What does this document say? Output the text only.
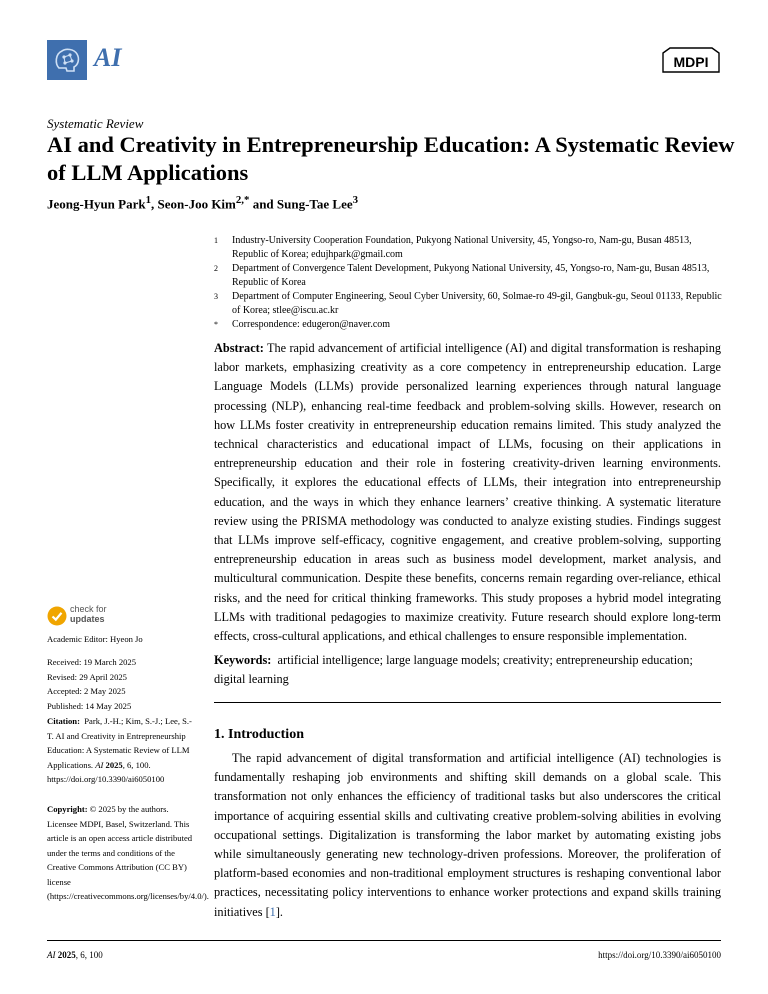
AI	MDPI
Systematic Review
AI and Creativity in Entrepreneurship Education: A Systematic Review of LLM Applications
Jeong-Hyun Park$^1$, Seon-Joo Kim$^{2,*}$ and Sung-Tae Lee$^3$
1 Industry-University Cooperation Foundation, Pukyong National University, 45, Yongso-ro, Nam-gu, Busan 48513, Republic of Korea; edujhpark@gmail.com
2 Department of Convergence Talent Development, Pukyong National University, 45, Yongso-ro, Nam-gu, Busan 48513, Republic of Korea
3 Department of Computer Engineering, Seoul Cyber University, 60, Solmae-ro 49-gil, Gangbuk-gu, Seoul 01133, Republic of Korea; stlee@iscu.ac.kr
* Correspondence: edugeron@naver.com

Abstract: The rapid advancement of artificial intelligence (AI) and digital transformation is reshaping labor markets, emphasizing creativity as a core competency in entrepreneurship education. Large Language Models (LLMs) provide personalized learning experiences through natural language processing (NLP), enhancing real-time feedback and problem-solving skills. However, research on how LLMs foster creativity in entrepreneurship education remains limited. This study analyzed the technical characteristics and educational impact of LLMs, focusing on their applications in entrepreneurship education and their role in fostering creativity-driven learning environments. Specifically, it explores the educational effects of LLMs, their integration into entrepreneurship education, and the ways in which they enhance learners’ creative thinking. A systematic literature review using the PRISMA methodology was conducted to analyze existing studies. Findings suggest that LLMs improve self-efficacy, cognitive engagement, and creative problem-solving, supporting entrepreneurship education in areas such as business model development, market analysis, and multicultural communication. Despite these benefits, concerns remain regarding over-reliance, ethical risks, and the need for critical thinking frameworks. This study proposes a hybrid model integrating LLMs with traditional pedagogies to maximize creativity. Future research should explore long-term effects, cross-cultural applications, and ethical challenges to ensure responsible implementation.

Keywords: artificial intelligence; large language models; creativity; entrepreneurship education; digital learning

1. Introduction

The rapid advancement of digital transformation and artificial intelligence (AI) technologies is fundamentally reshaping job environments and shifting skill demands on a global scale. This transformation not only enhances the efficiency of traditional tasks but also underscores the critical importance of acquiring essential skills and cultivating creative problem-solving abilities in evolving occupational settings. Digitalization is transforming the labor market by automating existing jobs while simultaneously generating new technology-driven professions. Moreover, the proliferation of platform-based economies and non-traditional employment structures is reshaping conventional labor practices, necessitating policy interventions to enhance worker protections and expand skills training initiatives [1].

check for
updates
Academic Editor: Hyeon Jo
Received: 19 March 2025
Revised: 29 April 2025
Accepted: 2 May 2025
Published: 14 May 2025
Citation: Park, J.-H.; Kim, S.-J.; Lee, S.-T. AI and Creativity in Entrepreneurship Education: A Systematic Review of LLM Applications. AI 2025, 6, 100. https://doi.org/10.3390/ai6050100
Copyright: © 2025 by the authors. Licensee MDPI, Basel, Switzerland. This article is an open access article distributed under the terms and conditions of the Creative Commons Attribution (CC BY) license (https://creativecommons.org/licenses/by/4.0/).
AI 2025, 6, 100	https://doi.org/10.3390/ai6050100
